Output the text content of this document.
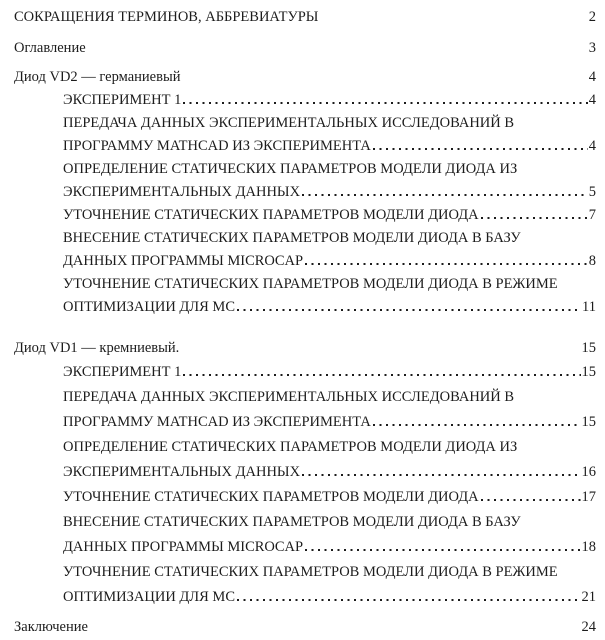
СОКРАЩЕНИЯ ТЕРМИНОВ, АББРЕВИАТУРЫ	2
Оглавление	3
Диод VD2 — германиевый	4
ЭКСПЕРИМЕНТ 1	4
ПЕРЕДАЧА ДАННЫХ ЭКСПЕРИМЕНТАЛЬНЫХ ИССЛЕДОВАНИЙ В
ПРОГРАММУ MATHCAD ИЗ ЭКСПЕРИМЕНТА	4
ОПРЕДЕЛЕНИЕ СТАТИЧЕСКИХ ПАРАМЕТРОВ МОДЕЛИ ДИОДА ИЗ
ЭКСПЕРИМЕНТАЛЬНЫХ ДАННЫХ	5
УТОЧНЕНИЕ СТАТИЧЕСКИХ ПАРАМЕТРОВ МОДЕЛИ ДИОДА	7
ВНЕСЕНИЕ СТАТИЧЕСКИХ ПАРАМЕТРОВ МОДЕЛИ ДИОДА В БАЗУ
ДАННЫХ ПРОГРАММЫ MICROCAP	8
УТОЧНЕНИЕ СТАТИЧЕСКИХ ПАРАМЕТРОВ МОДЕЛИ ДИОДА В РЕЖИМЕ
ОПТИМИЗАЦИИ ДЛЯ МС	11
Диод VD1 — кремниевый.	15
ЭКСПЕРИМЕНТ 1	15
ПЕРЕДАЧА ДАННЫХ ЭКСПЕРИМЕНТАЛЬНЫХ ИССЛЕДОВАНИЙ В
ПРОГРАММУ MATHCAD ИЗ ЭКСПЕРИМЕНТА	15
ОПРЕДЕЛЕНИЕ СТАТИЧЕСКИХ ПАРАМЕТРОВ МОДЕЛИ ДИОДА ИЗ
ЭКСПЕРИМЕНТАЛЬНЫХ ДАННЫХ	16
УТОЧНЕНИЕ СТАТИЧЕСКИХ ПАРАМЕТРОВ МОДЕЛИ ДИОДА	17
ВНЕСЕНИЕ СТАТИЧЕСКИХ ПАРАМЕТРОВ МОДЕЛИ ДИОДА В БАЗУ
ДАННЫХ ПРОГРАММЫ MICROCAP	18
УТОЧНЕНИЕ СТАТИЧЕСКИХ ПАРАМЕТРОВ МОДЕЛИ ДИОДА В РЕЖИМЕ
ОПТИМИЗАЦИИ ДЛЯ МС	21
Заключение	24
